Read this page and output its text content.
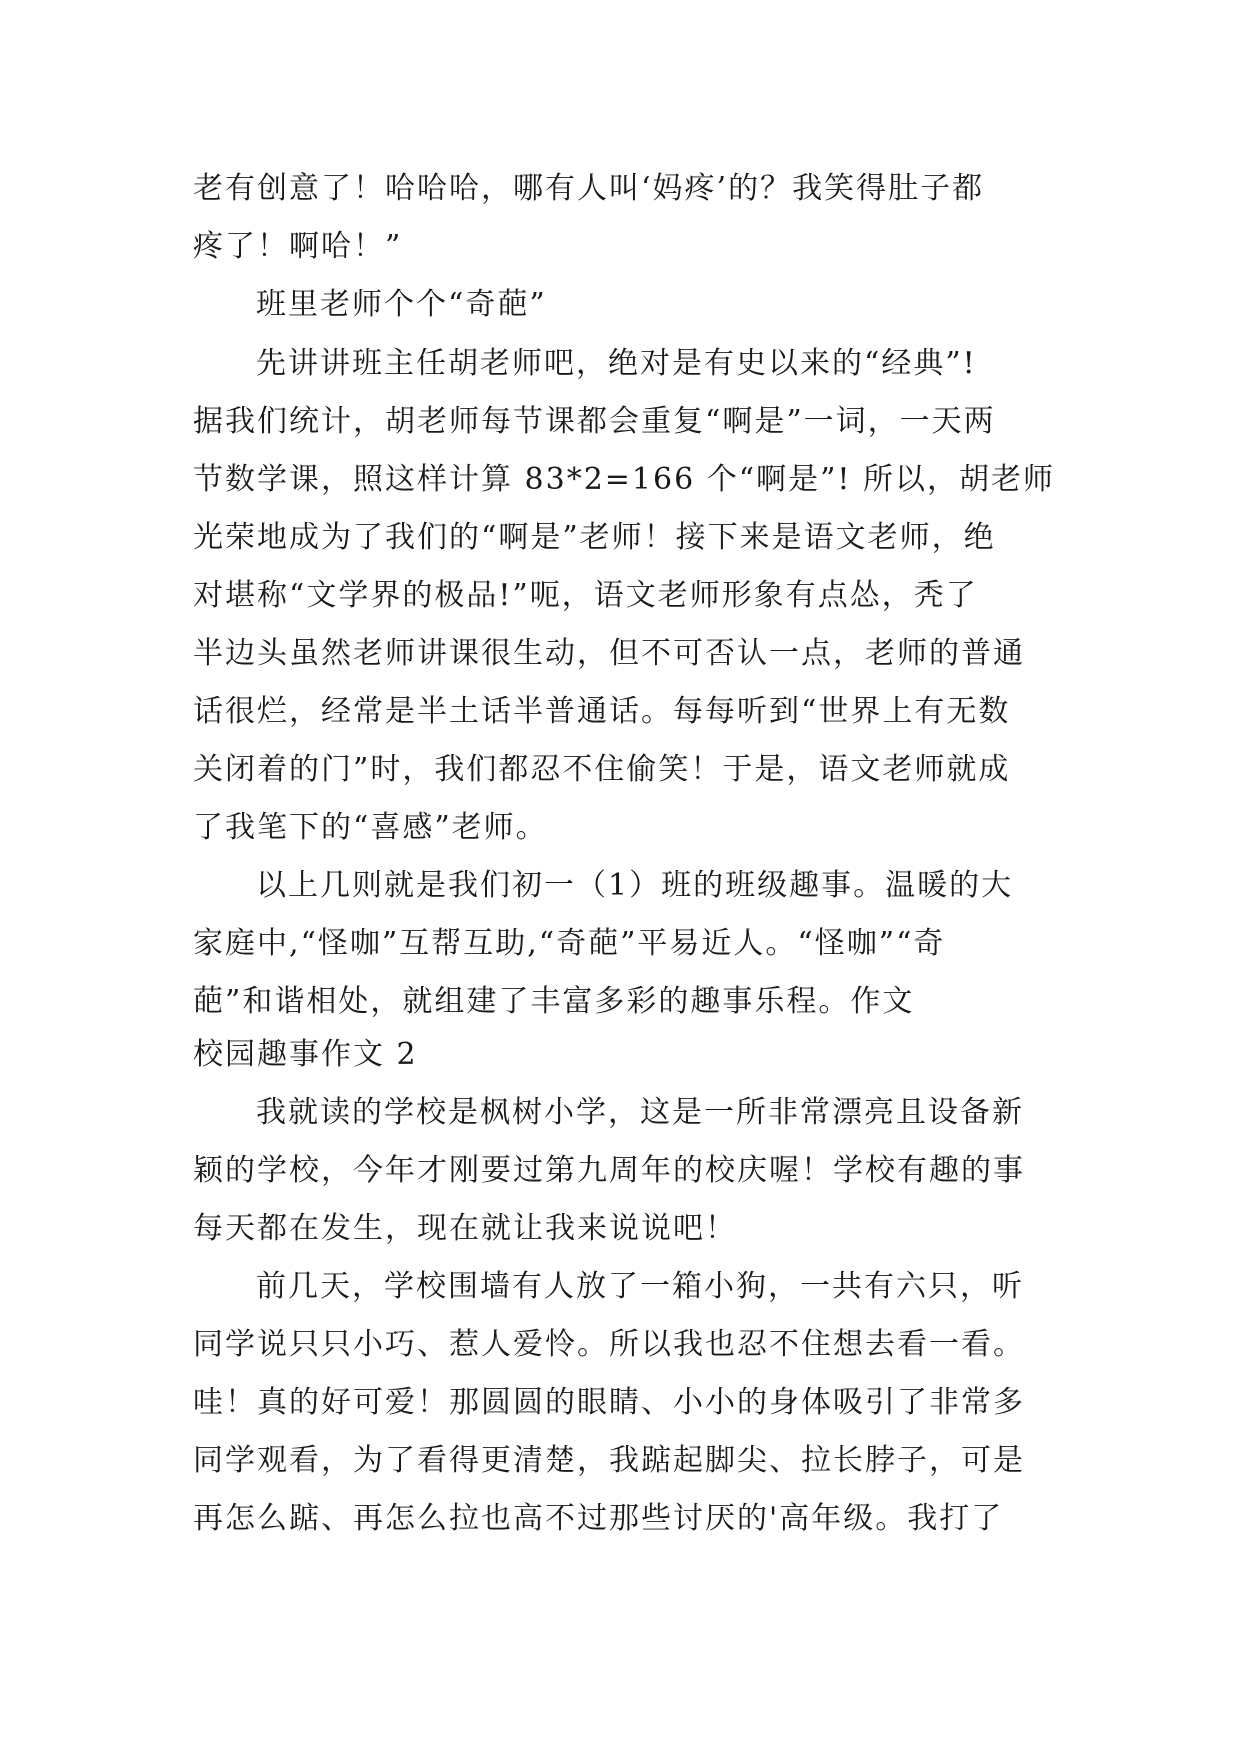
老有创意了！哈哈哈，哪有人叫‘妈疼’的？我笑得肚子都
疼了！啊哈！”
班里老师个个“奇葩”
先讲讲班主任胡老师吧，绝对是有史以来的“经典”!
据我们统计，胡老师每节课都会重复“啊是”一词，一天两
节数学课，照这样计算 83*2=166 个“啊是”! 所以，胡老师
光荣地成为了我们的“啊是”老师！接下来是语文老师，绝
对堪称“文学界的极品!”呃，语文老师形象有点怂，秃了
半边头虽然老师讲课很生动，但不可否认一点，老师的普通
话很烂，经常是半土话半普通话。每每听到“世界上有无数
关闭着的门”时，我们都忍不住偷笑！于是，语文老师就成
了我笔下的“喜感”老师。
以上几则就是我们初一（1）班的班级趣事。温暖的大
家庭中,“怪咖”互帮互助,“奇葩”平易近人。“怪咖”“奇
葩”和谐相处，就组建了丰富多彩的趣事乐程。作文
校园趣事作文 2
我就读的学校是枫树小学，这是一所非常漂亮且设备新
颖的学校，今年才刚要过第九周年的校庆喔！学校有趣的事
每天都在发生，现在就让我来说说吧！
前几天，学校围墙有人放了一箱小狗，一共有六只，听
同学说只只小巧、惹人爱怜。所以我也忍不住想去看一看。
哇！真的好可爱！那圆圆的眼睛、小小的身体吸引了非常多
同学观看，为了看得更清楚，我踮起脚尖、拉长脖子，可是
再怎么踮、再怎么拉也高不过那些讨厌的'高年级。我打了
